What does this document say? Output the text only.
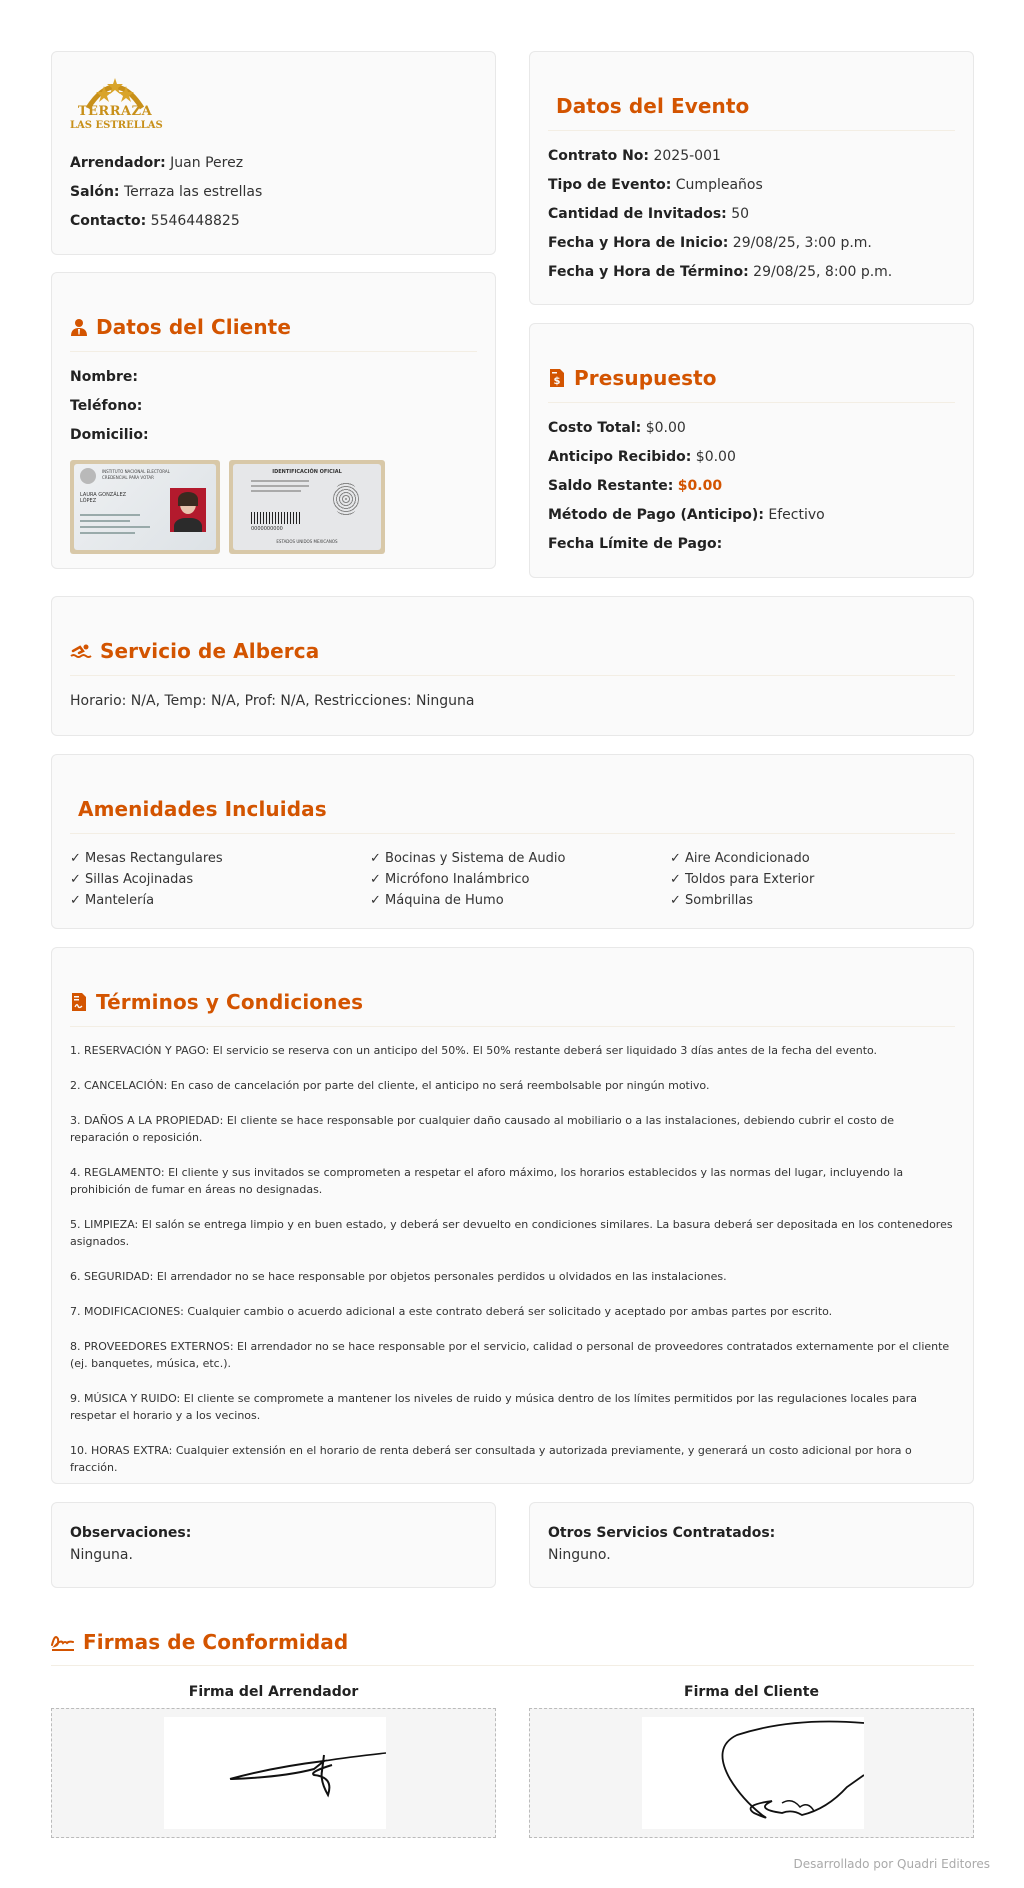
TERRAZA
LAS ESTRELLAS
Arrendador: Juan Perez
Salón: Terraza las estrellas
Contacto: 5546448825
Datos del Evento
Contrato No: 2025-001
Tipo de Evento: Cumpleaños
Cantidad de Invitados: 50
Fecha y Hora de Inicio: 29/08/25, 3:00 p.m.
Fecha y Hora de Término: 29/08/25, 8:00 p.m.
Datos del Cliente
Nombre:
Teléfono:
Domicilio:
INSTITUTO NACIONAL ELECTORAL
CREDENCIAL PARA VOTAR
LAURA GONZÁLEZ LÓPEZ
IDENTIFICACIÓN OFICIAL
0000000000
ESTADOS UNIDOS MEXICANOS
$ Presupuesto
Costo Total: $0.00
Anticipo Recibido: $0.00
Saldo Restante: $0.00
Método de Pago (Anticipo): Efectivo
Fecha Límite de Pago:
Servicio de Alberca
Horario: N/A, Temp: N/A, Prof: N/A, Restricciones: Ninguna
Amenidades Incluidas
✓ Mesas Rectangulares
✓ Sillas Acojinadas
✓ Mantelería
✓ Bocinas y Sistema de Audio
✓ Micrófono Inalámbrico
✓ Máquina de Humo
✓ Aire Acondicionado
✓ Toldos para Exterior
✓ Sombrillas
Términos y Condiciones

1. RESERVACIÓN Y PAGO: El servicio se reserva con un anticipo del 50%. El 50% restante deberá ser liquidado 3 días antes de la fecha del evento.

2. CANCELACIÓN: En caso de cancelación por parte del cliente, el anticipo no será reembolsable por ningún motivo.

3. DAÑOS A LA PROPIEDAD: El cliente se hace responsable por cualquier daño causado al mobiliario o a las instalaciones, debiendo cubrir el costo de reparación o reposición.

4. REGLAMENTO: El cliente y sus invitados se comprometen a respetar el aforo máximo, los horarios establecidos y las normas del lugar, incluyendo la prohibición de fumar en áreas no designadas.

5. LIMPIEZA: El salón se entrega limpio y en buen estado, y deberá ser devuelto en condiciones similares. La basura deberá ser depositada en los contenedores asignados.

6. SEGURIDAD: El arrendador no se hace responsable por objetos personales perdidos u olvidados en las instalaciones.

7. MODIFICACIONES: Cualquier cambio o acuerdo adicional a este contrato deberá ser solicitado y aceptado por ambas partes por escrito.

8. PROVEEDORES EXTERNOS: El arrendador no se hace responsable por el servicio, calidad o personal de proveedores contratados externamente por el cliente (ej. banquetes, música, etc.).

9. MÚSICA Y RUIDO: El cliente se compromete a mantener los niveles de ruido y música dentro de los límites permitidos por las regulaciones locales para respetar el horario y a los vecinos.

10. HORAS EXTRA: Cualquier extensión en el horario de renta deberá ser consultada y autorizada previamente, y generará un costo adicional por hora o fracción.

Observaciones:
Ninguna.
Otros Servicios Contratados:
Ninguno.
Firmas de Conformidad
Firma del Arrendador	Firma del Cliente
Desarrollado por Quadri Editores
